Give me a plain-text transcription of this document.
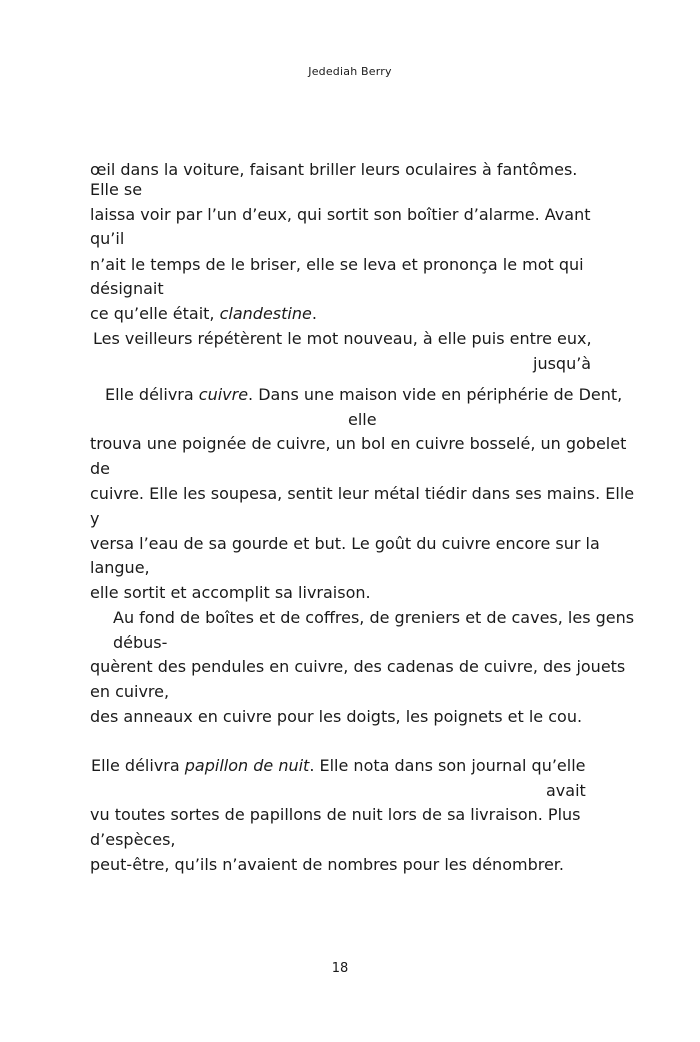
Jedediah Berry
œil dans la voiture, faisant briller leurs oculaires à fantômes.
Elle se
laissa voir par l’un d’eux, qui sortit son boîtier d’alarme. Avant
qu’il
n’ait le temps de le briser, elle se leva et prononça le mot qui
désignait
ce qu’elle était, clandestine.
Les veilleurs répétèrent le mot nouveau, à elle puis entre eux,
jusqu’à
Elle délivra cuivre. Dans une maison vide en périphérie de Dent,
elle
trouva une poignée de cuivre, un bol en cuivre bosselé, un gobelet
de
cuivre. Elle les soupesa, sentit leur métal tiédir dans ses mains. Elle
y
versa l’eau de sa gourde et but. Le goût du cuivre encore sur la
langue,
elle sortit et accomplit sa livraison.
Au fond de boîtes et de coffres, de greniers et de caves, les gens
débus-
quèrent des pendules en cuivre, des cadenas de cuivre, des jouets
en cuivre,
des anneaux en cuivre pour les doigts, les poignets et le cou.
Elle délivra papillon de nuit. Elle nota dans son journal qu’elle
avait
vu toutes sortes de papillons de nuit lors de sa livraison. Plus
d’espèces,
peut-être, qu’ils n’avaient de nombres pour les dénombrer.
18
